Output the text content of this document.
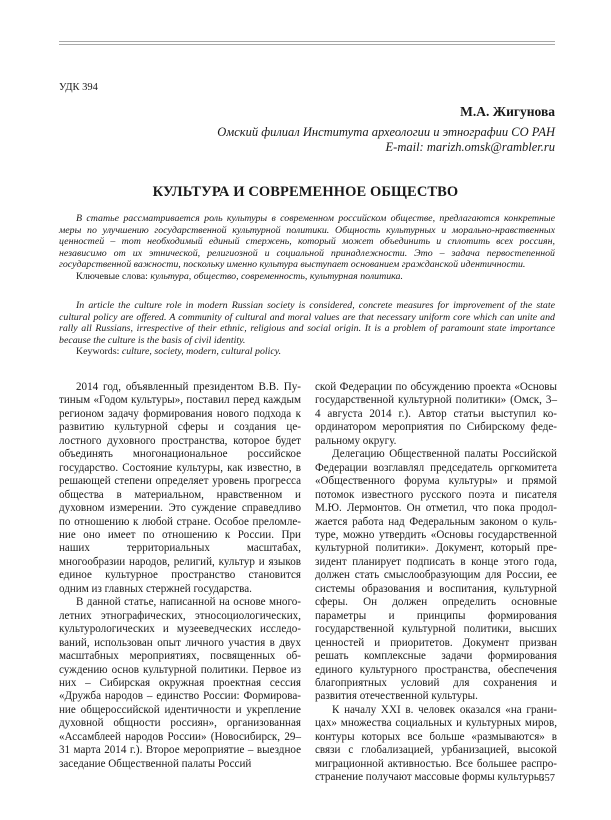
УДК 394
М.А. Жигунова
Омский филиал Института археологии и этнографии СО РАН
E-mail: marizh.omsk@rambler.ru
КУЛЬТУРА И СОВРЕМЕННОЕ ОБЩЕСТВО

В статье рассматривается роль культуры в современном российском обществе, предлагаются конкретные меры по улучшению государственной культурной политики. Общность культурных и морально-нравственных ценностей – тот необходимый единый стержень, который может объединить и сплотить всех россиян, независимо от их этнической, религиозной и социальной принадлежности. Это – задача первостепенной государственной важности, поскольку именно культура выступает основанием гражданской идентичности.

Ключевые слова: культура, общество, современность, культурная политика.

In article the culture role in modern Russian society is considered, concrete measures for improvement of the state cultural policy are offered. A community of cultural and moral values are that necessary uniform core which can unite and rally all Russians, irrespective of their ethnic, religious and social origin. It is a problem of paramount state importance because the culture is the basis of civil identity.

Keywords: culture, society, modern, cultural policy.

2014 год, объявленный президентом В.В. Путиным «Годом культуры», поставил перед каждым регионом задачу формирования нового подхода к развитию культурной сферы и создания целостного духовного пространства, которое будет объединять многонациональное российское государство. Состояние культуры, как известно, в решающей степени определяет уровень прогресса общества в материальном, нравственном и духовном измерении. Это суждение справедливо по отношению к любой стране. Особое преломление оно имеет по отношению к России. При наших территориальных масштабах, многообразии народов, религий, культур и языков единое культурное пространство становится одним из главных стержней государства.

В данной статье, написанной на основе многолетних этнографических, этносоциологических, культурологических и музееведческих исследований, использован опыт личного участия в двух масштабных мероприятиях, посвященных обсуждению основ культурной политики. Первое из них – Сибирская окружная проектная сессия «Дружба народов – единство России: Формирование общероссийской идентичности и укрепление духовной общности россиян», организованная «Ассамблеей народов России» (Новосибирск, 29–31 марта 2014 г.). Второе мероприятие – выездное заседание Общественной палаты Россий

ской Федерации по обсуждению проекта «Основы государственной культурной политики» (Омск, 3–4 августа 2014 г.). Автор статьи выступил координатором мероприятия по Сибирскому федеральному округу.

Делегацию Общественной палаты Российской Федерации возглавлял председатель оргкомитета «Общественного форума культуры» и прямой потомок известного русского поэта и писателя М.Ю. Лермонтов. Он отметил, что пока продолжается работа над Федеральным законом о культуре, можно утвердить «Основы государственной культурной политики». Документ, который президент планирует подписать в конце этого года, должен стать смыслообразующим для России, ее системы образования и воспитания, культурной сферы. Он должен определить основные параметры и принципы формирования государственной культурной политики, высших ценностей и приоритетов. Документ призван решать комплексные задачи формирования единого культурного пространства, обеспечения благоприятных условий для сохранения и развития отечественной культуры.

К началу XXI в. человек оказался «на границах» множества социальных и культурных миров, контуры которых все больше «размываются» в связи с глобализацией, урбанизацией, высокой миграционной активностью. Все большее распространение получают массовые формы культуры.

357
